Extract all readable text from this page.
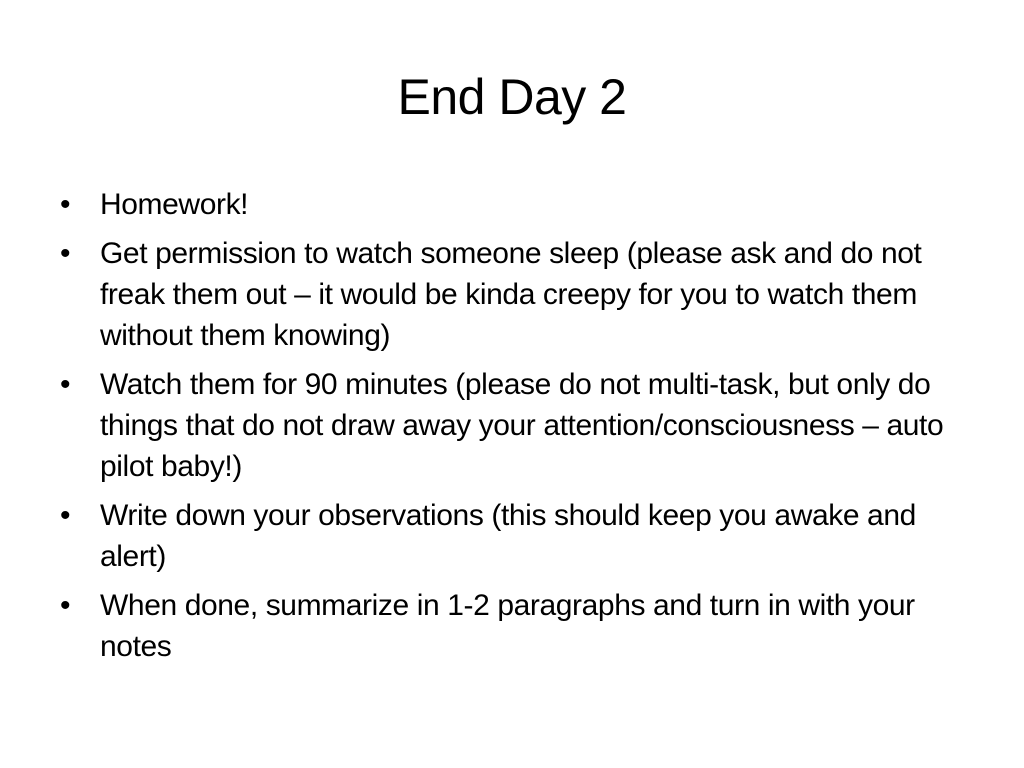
End Day 2
• Homework!
• Get permission to watch someone sleep (please ask and do not freak them out – it would be kinda creepy for you to watch them without them knowing)
• Watch them for 90 minutes (please do not multi-task, but only do things that do not draw away your attention/consciousness – auto pilot baby!)
• Write down your observations (this should keep you awake and alert)
• When done, summarize in 1-2 paragraphs and turn in with your notes
